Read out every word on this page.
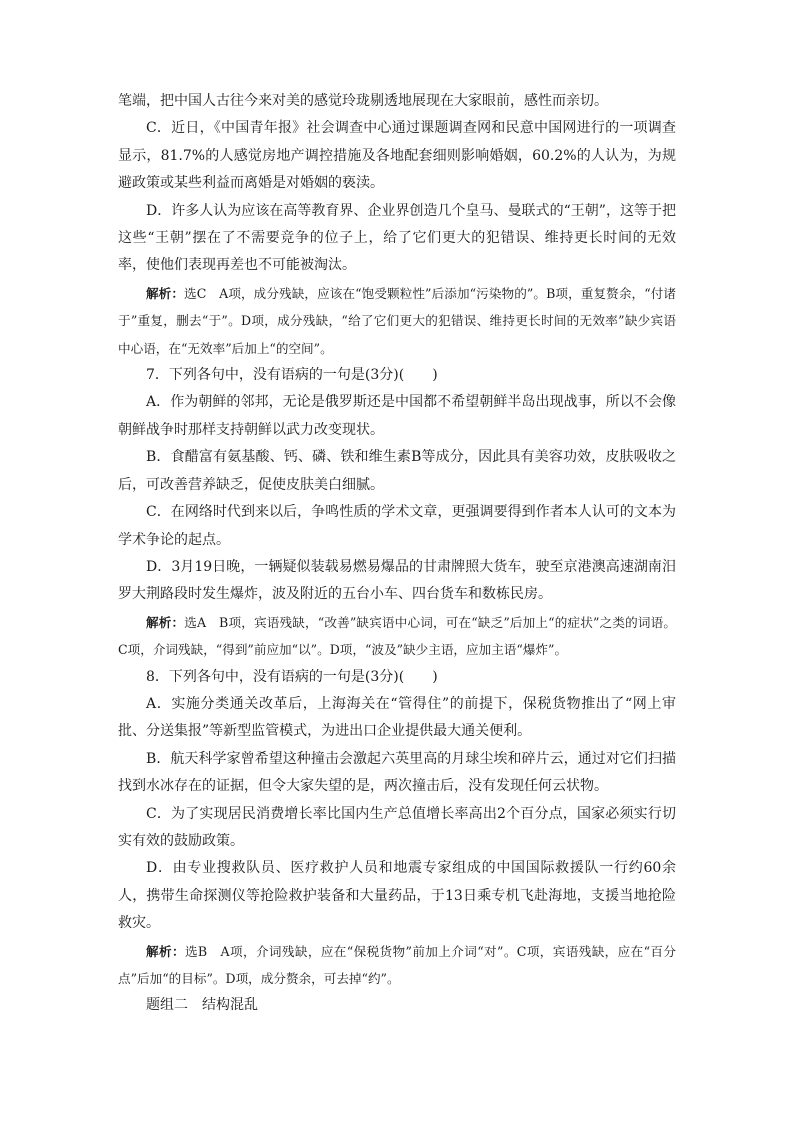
笔端，把中国人古往今来对美的感觉玲珑剔透地展现在大家眼前，感性而亲切。

C．近日，《中国青年报》社会调查中心通过课题调查网和民意中国网进行的一项调查显示，81.7%的人感觉房地产调控措施及各地配套细则影响婚姻，60.2%的人认为，为规避政策或某些利益而离婚是对婚姻的亵渎。

D．许多人认为应该在高等教育界、企业界创造几个皇马、曼联式的“王朝”，这等于把这些“王朝”摆在了不需要竞争的位子上，给了它们更大的犯错误、维持更长时间的无效率，使他们表现再差也不可能被淘汰。

解析：选C　A项，成分残缺，应该在“饱受颗粒性”后添加“污染物的”。B项，重复赘余，“付诸于”重复，删去“于”。D项，成分残缺，“给了它们更大的犯错误、维持更长时间的无效率”缺少宾语中心语，在“无效率”后加上“的空间”。

7．下列各句中，没有语病的一句是(3分)(　　)

A．作为朝鲜的邻邦，无论是俄罗斯还是中国都不希望朝鲜半岛出现战事，所以不会像朝鲜战争时那样支持朝鲜以武力改变现状。

B．食醋富有氨基酸、钙、磷、铁和维生素B等成分，因此具有美容功效，皮肤吸收之后，可改善营养缺乏，促使皮肤美白细腻。

C．在网络时代到来以后，争鸣性质的学术文章，更强调要得到作者本人认可的文本为学术争论的起点。

D．3月19日晚，一辆疑似装载易燃易爆品的甘肃牌照大货车，驶至京港澳高速湖南汨罗大荆路段时发生爆炸，波及附近的五台小车、四台货车和数栋民房。

解析：选A　B项，宾语残缺，“改善”缺宾语中心词，可在“缺乏”后加上“的症状”之类的词语。C项，介词残缺，“得到”前应加“以”。D项，“波及”缺少主语，应加主语“爆炸”。

8．下列各句中，没有语病的一句是(3分)(　　)

A．实施分类通关改革后，上海海关在“管得住”的前提下，保税货物推出了“网上审批、分送集报”等新型监管模式，为进出口企业提供最大通关便利。

B．航天科学家曾希望这种撞击会激起六英里高的月球尘埃和碎片云，通过对它们扫描找到水冰存在的证据，但令大家失望的是，两次撞击后，没有发现任何云状物。

C．为了实现居民消费增长率比国内生产总值增长率高出2个百分点，国家必须实行切实有效的鼓励政策。

D．由专业搜救队员、医疗救护人员和地震专家组成的中国国际救援队一行约60余人，携带生命探测仪等抢险救护装备和大量药品，于13日乘专机飞赴海地，支援当地抢险救灾。

解析：选B　A项，介词残缺，应在“保税货物”前加上介词“对”。C项，宾语残缺，应在“百分点”后加“的目标”。D项，成分赘余，可去掉“约”。

题组二　结构混乱
